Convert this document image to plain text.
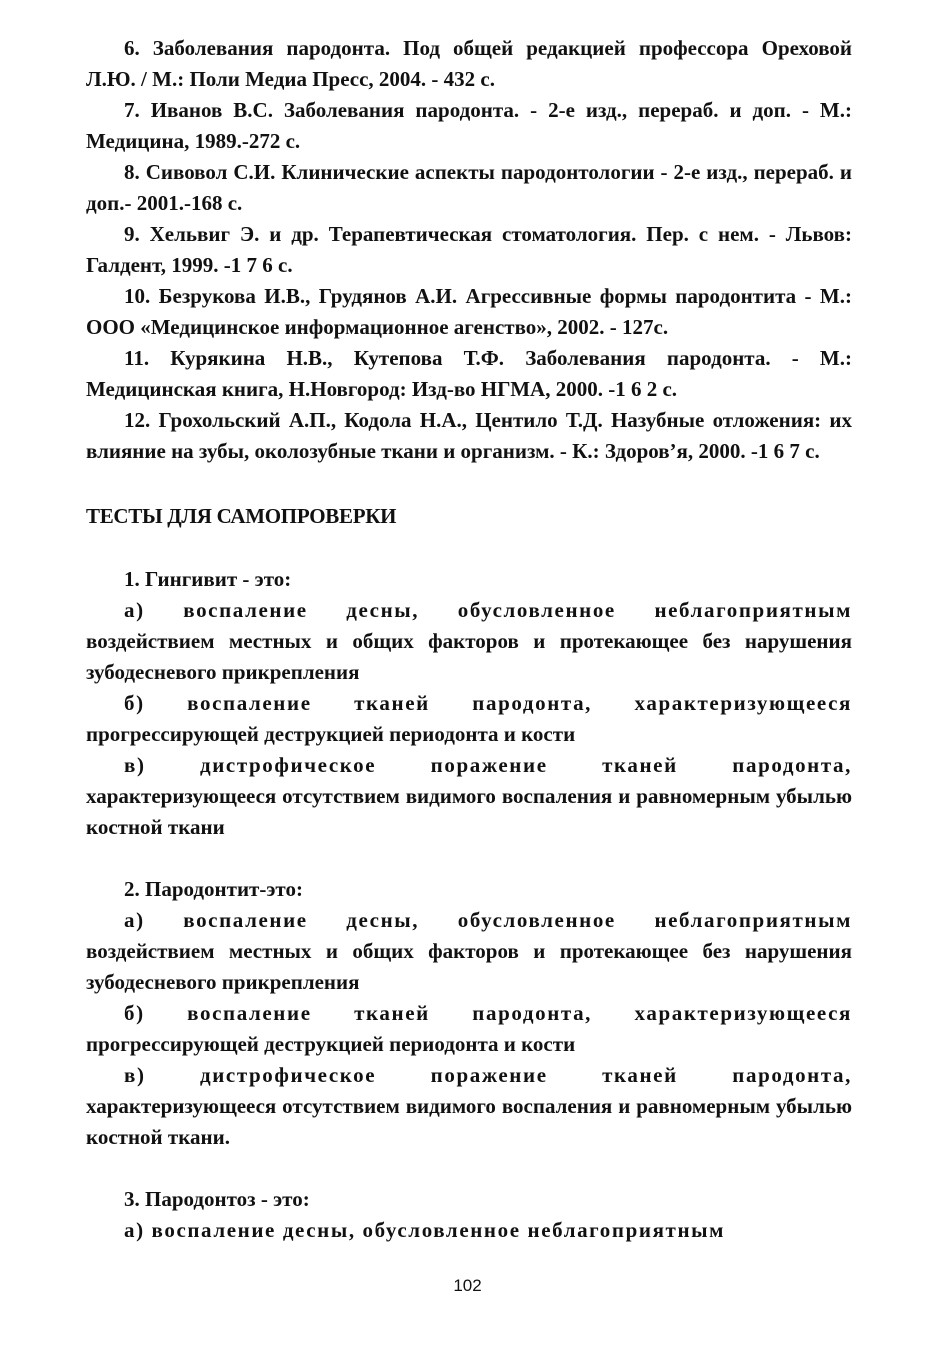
6. Заболевания пародонта. Под общей редакцией профессора Ореховой Л.Ю. / М.: Поли Медиа Пресс, 2004. - 432 с.

7. Иванов В.С. Заболевания пародонта. - 2-е изд., перераб. и доп. - М.: Медицина, 1989.-272 с.

8. Сивовол С.И. Клинические аспекты пародонтологии - 2-е изд., перераб. и доп.- 2001.-168 с.

9. Хельвиг Э. и др. Терапевтическая стоматология. Пер. с нем. - Львов: Галдент, 1999. -1 7 6 с.

10. Безрукова И.В., Грудянов А.И. Агрессивные формы пародонтита - М.: ООО «Медицинское информационное агенство», 2002. - 127с.

11. Курякина Н.В., Кутепова Т.Ф. Заболевания пародонта. - М.: Медицинская книга, Н.Новгород: Изд-во НГМА, 2000. -1 6 2 с.

12. Грохольский А.П., Кодола Н.А., Центило Т.Д. Назубные отложения: их влияние на зубы, околозубные ткани и организм. - К.: Здоров’я, 2000. -1 6 7 с.

ТЕСТЫ ДЛЯ САМОПРОВЕРКИ

1. Гингивит - это:

а) воспаление десны, обусловленное неблагоприятным воздействием местных и общих факторов и протекающее без нарушения зубодесневого прикрепления

б) воспаление тканей пародонта, характеризующееся прогрессирующей деструкцией периодонта и кости

в) дистрофическое поражение тканей пародонта, характеризующееся отсутствием видимого воспаления и равномерным убылью костной ткани

2. Пародонтит-это:

а) воспаление десны, обусловленное неблагоприятным воздействием местных и общих факторов и протекающее без нарушения зубодесневого прикрепления

б) воспаление тканей пародонта, характеризующееся прогрессирующей деструкцией периодонта и кости

в) дистрофическое поражение тканей пародонта, характеризующееся отсутствием видимого воспаления и равномерным убылью костной ткани.

3. Пародонтоз - это:

а) воспаление десны, обусловленное неблагоприятным

102
